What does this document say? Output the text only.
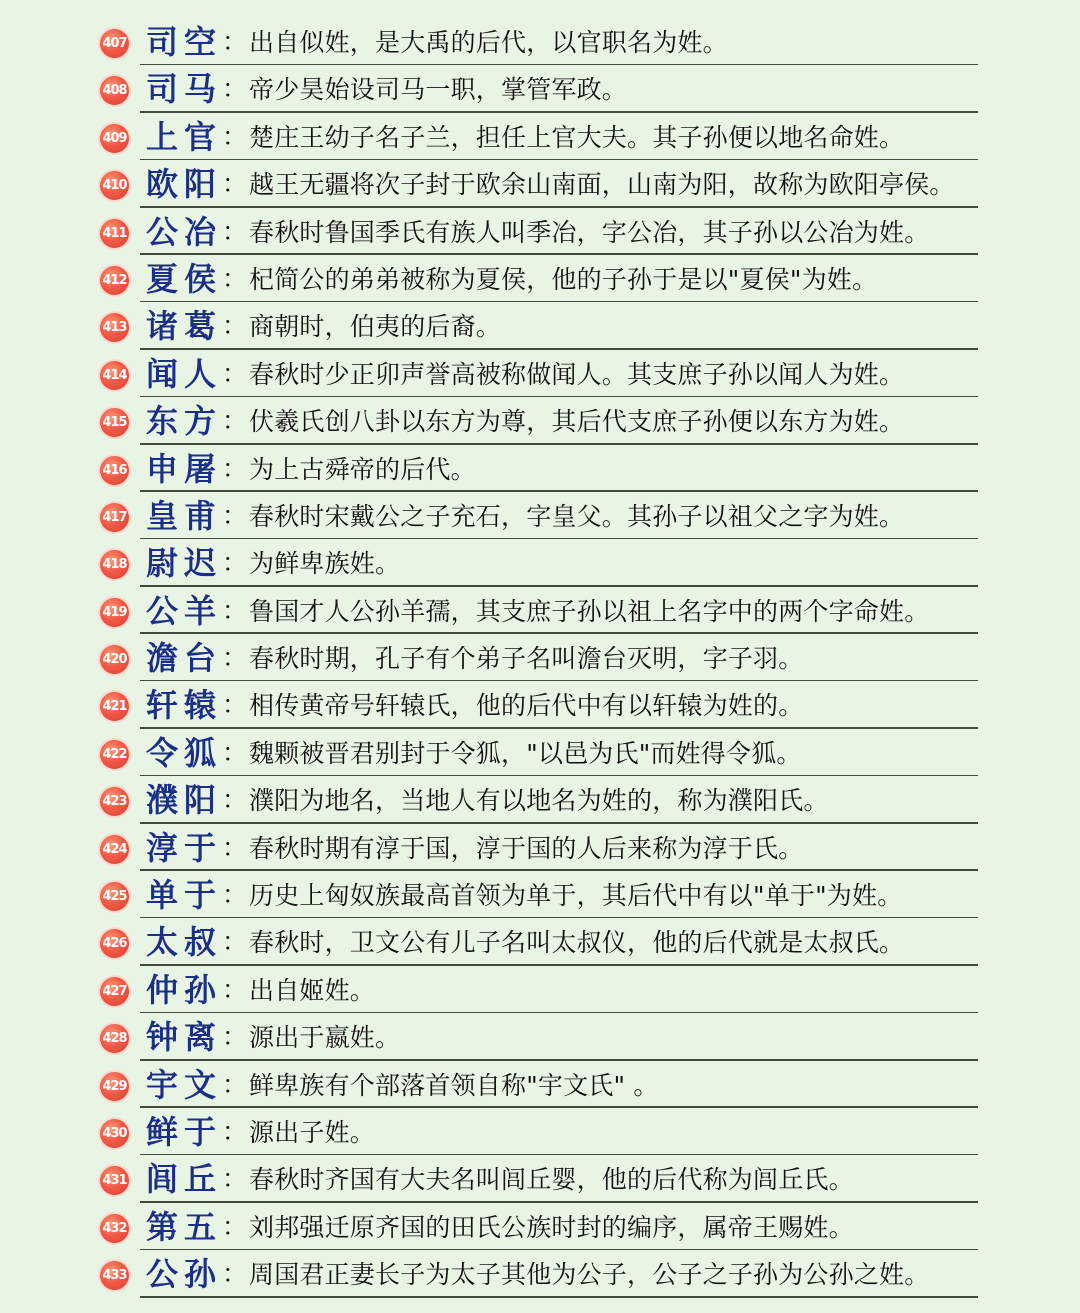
407 司空 ： 出自似姓，是大禹的后代，以官职名为姓。
408 司马 ： 帝少昊始设司马一职，掌管军政。
409 上官 ： 楚庄王幼子名子兰，担任上官大夫。其子孙便以地名命姓。
410 欧阳 ： 越王无疆将次子封于欧余山南面，山南为阳，故称为欧阳亭侯。
411 公冶 ： 春秋时鲁国季氏有族人叫季冶，字公冶，其子孙以公冶为姓。
412 夏侯 ： 杞简公的弟弟被称为夏侯，他的子孙于是以"夏侯"为姓。
413 诸葛 ： 商朝时，伯夷的后裔。
414 闻人 ： 春秋时少正卯声誉高被称做闻人。其支庶子孙以闻人为姓。
415 东方 ： 伏羲氏创八卦以东方为尊，其后代支庶子孙便以东方为姓。
416 申屠 ： 为上古舜帝的后代。
417 皇甫 ： 春秋时宋戴公之子充石，字皇父。其孙子以祖父之字为姓。
418 尉迟 ： 为鲜卑族姓。
419 公羊 ： 鲁国才人公孙羊孺，其支庶子孙以祖上名字中的两个字命姓。
420 澹台 ： 春秋时期，孔子有个弟子名叫澹台灭明，字子羽。
421 轩辕 ： 相传黄帝号轩辕氏，他的后代中有以轩辕为姓的。
422 令狐 ： 魏颗被晋君别封于令狐，"以邑为氏"而姓得令狐。
423 濮阳 ： 濮阳为地名，当地人有以地名为姓的，称为濮阳氏。
424 淳于 ： 春秋时期有淳于国，淳于国的人后来称为淳于氏。
425 单于 ： 历史上匈奴族最高首领为单于，其后代中有以"单于"为姓。
426 太叔 ： 春秋时，卫文公有儿子名叫太叔仪，他的后代就是太叔氏。
427 仲孙 ： 出自姬姓。
428 钟离 ： 源出于嬴姓。
429 宇文 ： 鲜卑族有个部落首领自称"宇文氏" 。
430 鲜于 ： 源出子姓。
431 闾丘 ： 春秋时齐国有大夫名叫闾丘婴，他的后代称为闾丘氏。
432 第五 ： 刘邦强迁原齐国的田氏公族时封的编序，属帝王赐姓。
433 公孙 ： 周国君正妻长子为太子其他为公子，公子之子孙为公孙之姓。
